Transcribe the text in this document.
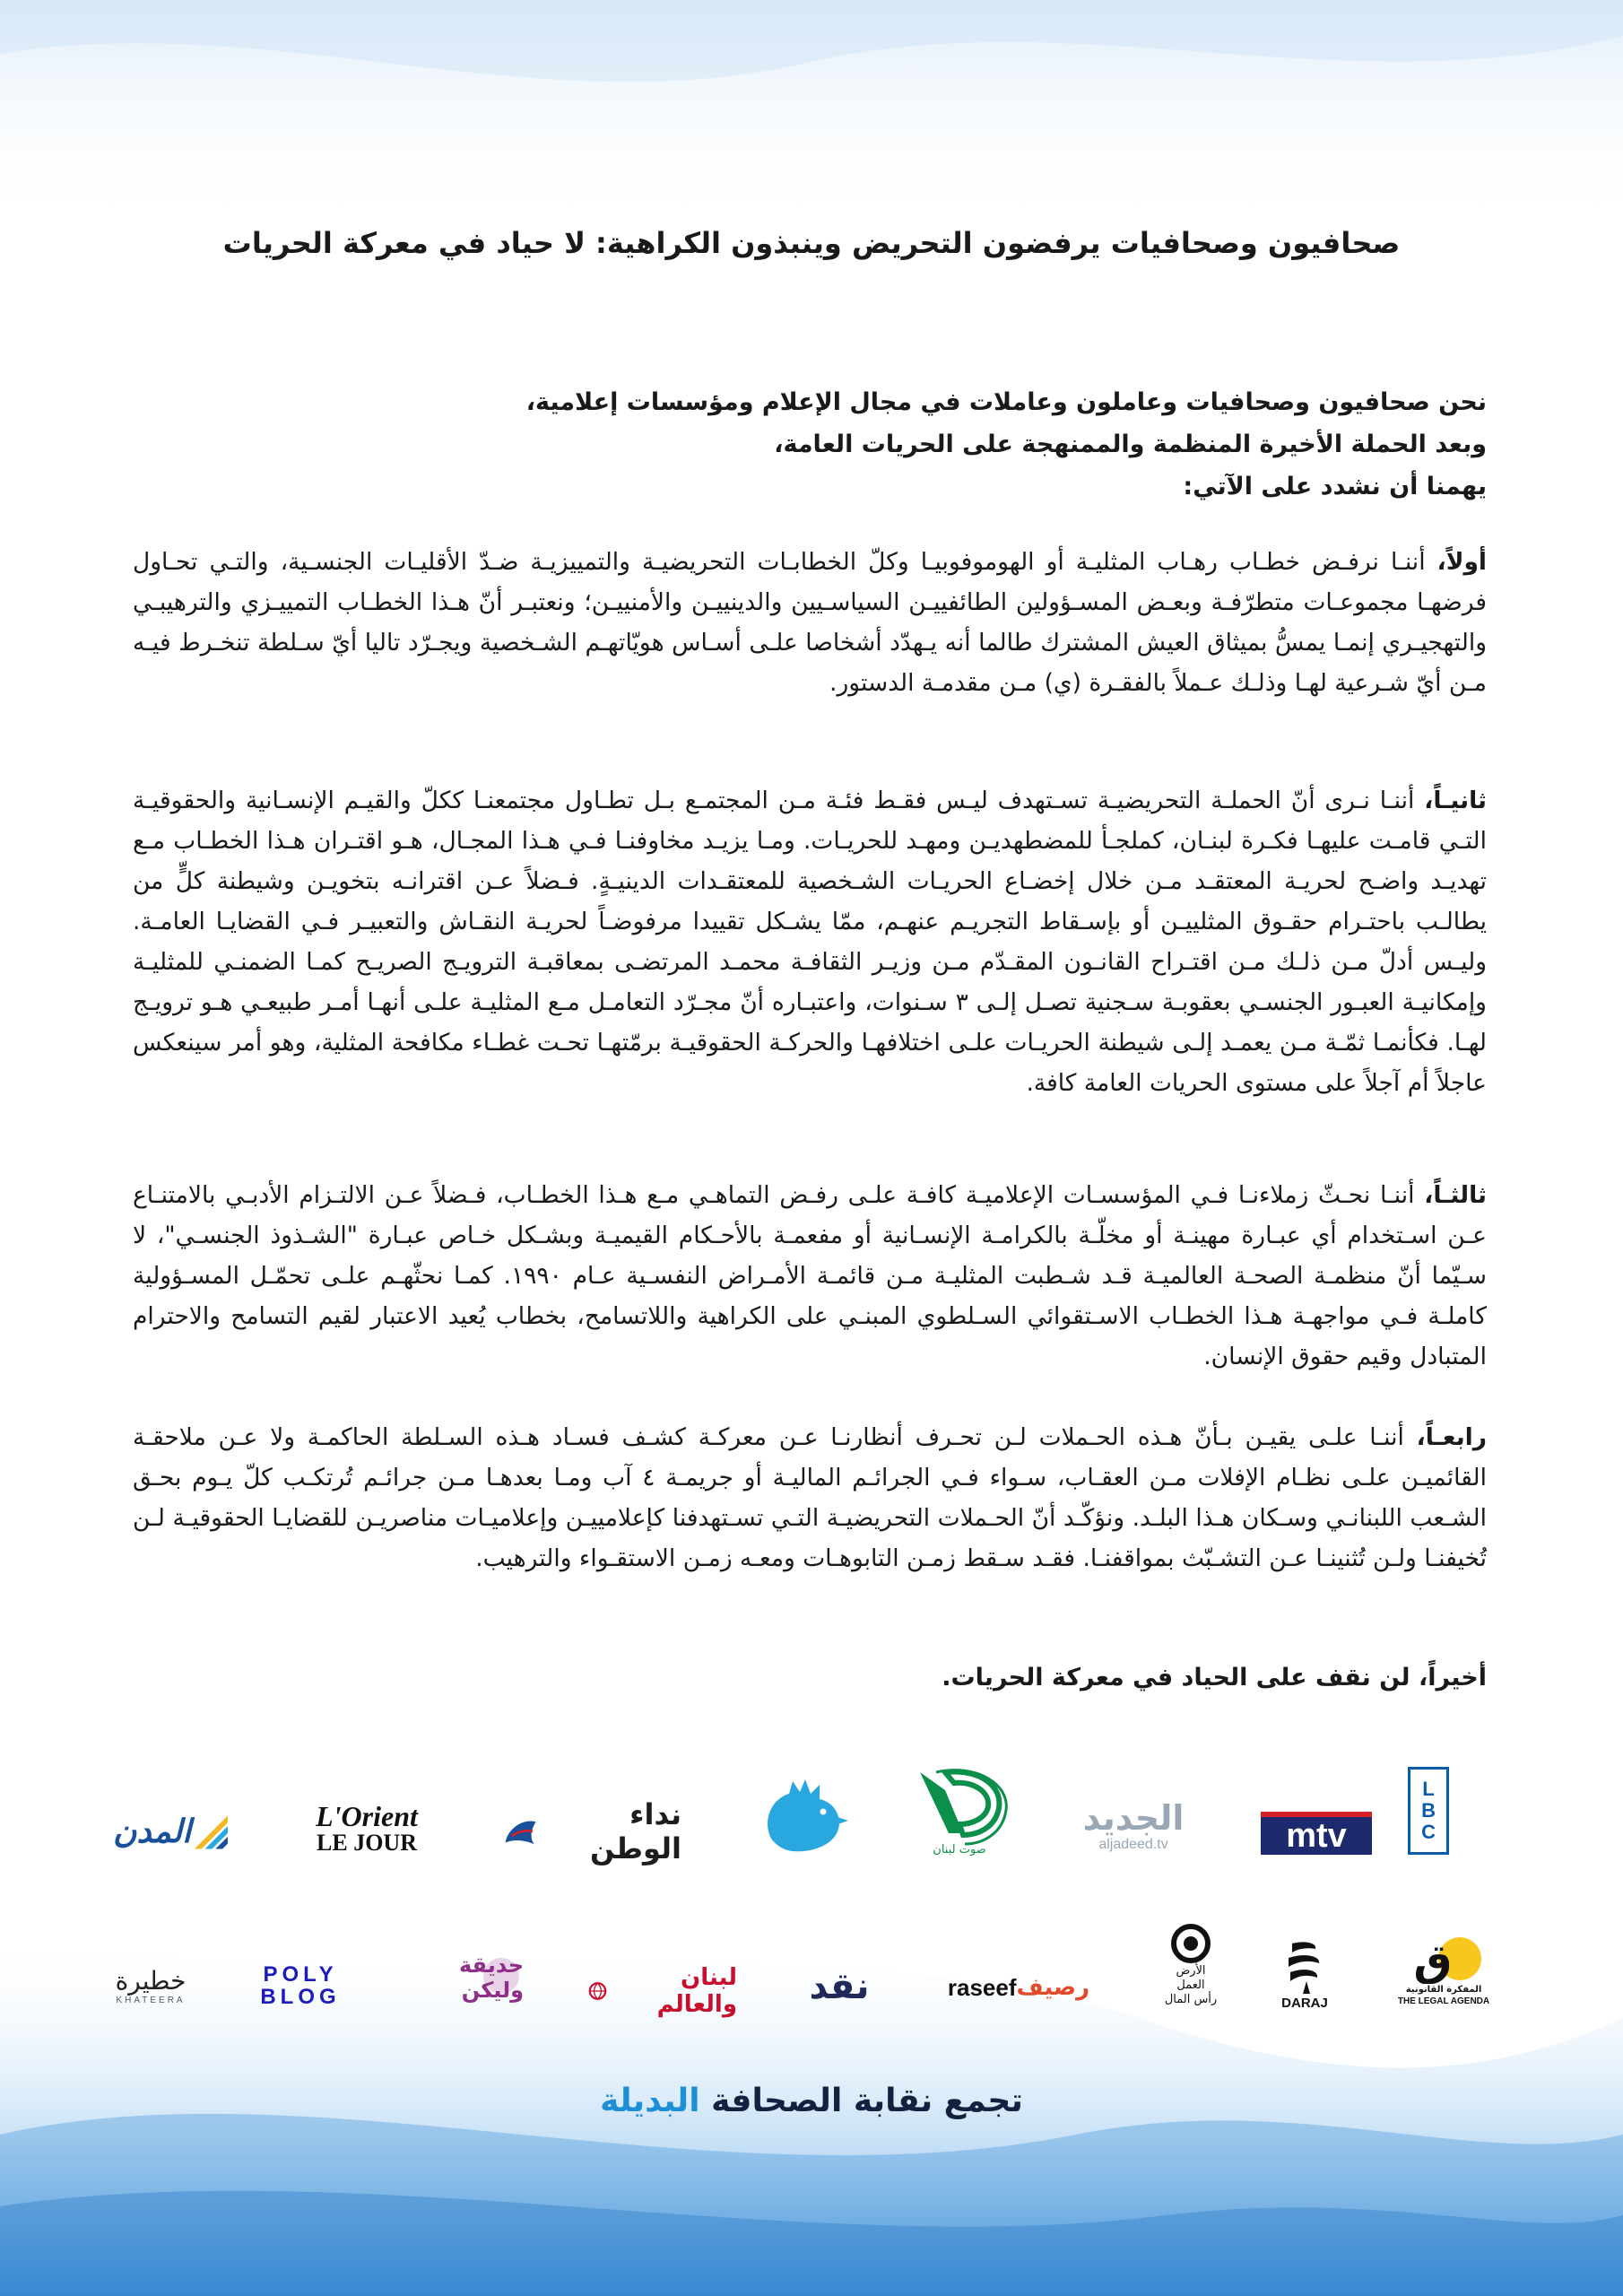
صحافيون وصحافيات يرفضون التحريض وينبذون الكراهية: لا حياد في معركة الحريات
نحن صحافيون وصحافيات وعاملون وعاملات في مجال الإعلام ومؤسسات إعلامية،
وبعد الحملة الأخيرة المنظمة والممنهجة على الحريات العامة،
يهمنا أن نشدد على الآتي:

أولاً، أننـا نرفـض خطـاب رهـاب المثليـة أو الهوموفوبيـا وكلّ الخطابـات التحريضيـة والتمييزيـة ضـدّ الأقليـات الجنسـية، والتـي تحـاول فرضهـا مجموعـات متطرّفـة وبعـض المسـؤولين الطائفييـن السياسـيين والدينييـن والأمنييـن؛ ونعتبـر أنّ هـذا الخطـاب التمييـزي والترهيبـي والتهجيـري إنمـا يمسُّ بميثاق العيش المشترك طالما أنه يـهدّد أشخاصا علـى أسـاس هويّاتهـم الشـخصية ويجـرّد تاليا أيّ سـلطة تنخـرط فيـه مـن أيّ شـرعية لهـا وذلـك عـملاً بالفقـرة (ي) مـن مقدمـة الدستور.

ثانيـاً، أننـا نـرى أنّ الحملـة التحريضيـة تسـتهدف ليـس فقـط فئـة مـن المجتمـع بـل تطـاول مجتمعنـا ككلّ والقيـم الإنسـانية والحقوقيـة التـي قامـت عليهـا فكـرة لبنـان، كملجـأ للمضطهديـن ومهـد للحريـات. ومـا يزيـد مخاوفنـا فـي هـذا المجـال، هـو اقتـران هـذا الخطـاب مـع تهديـد واضـح لحريـة المعتقـد مـن خلال إخضـاع الحريـات الشـخصية للمعتقـدات الدينيـةٍ. فـضلاً عـن اقترانـه بتخويـن وشيطنة كلٍّ من يطالـب باحتـرام حقـوق المثلييـن أو بإسـقاط التجريـم عنهـم، ممّا يشـكل تقييدا مرفوضـاً لحريـة النقـاش والتعبيـر فـي القضايـا العامـة. وليـس أدلّ مـن ذلـك مـن اقتـراح القانـون المقـدّم مـن وزيـر الثقافـة محمـد المرتضـى بمعاقبـة الترويـج الصريـح كمـا الضمنـي للمثليـة وإمكانيـة العبـور الجنسـي بعقوبـة سـجنية تصـل إلـى ٣ سـنوات، واعتبـاره أنّ مجـرّد التعامـل مـع المثليـة علـى أنهـا أمـر طبيعـي هـو ترويـج لهـا. فكأنمـا ثمّـة مـن يعمـد إلـى شيطنة الحريـات علـى اختلافهـا والحركـة الحقوقيـة برمّتهـا تحـت غطـاء مكافحة المثلية، وهو أمر سينعكس عاجلاً أم آجلاً على مستوى الحريات العامة كافة.

ثالثـاً، أننـا نحـثّ زملاءنـا فـي المؤسسـات الإعلاميـة كافـة علـى رفـض التماهـي مـع هـذا الخطـاب، فـضلاً عـن الالتـزام الأدبـي بالامتنـاع عـن اسـتخدام أي عبـارة مهينـة أو مخلّـة بالكرامـة الإنسـانية أو مفعمـة بالأحـكام القيميـة وبشـكل خـاص عبـارة "الشـذوذ الجنسـي"، لا سـيّما أنّ منظمـة الصحـة العالميـة قـد شـطبت المثليـة مـن قائمـة الأمـراض النفسـية عـام ١٩٩٠. كمـا نحثّهـم علـى تحمّـل المسـؤولية كاملـة فـي مواجهـة هـذا الخطـاب الاسـتقوائي السـلطوي المبنـي على الكراهية واللاتسامح، بخطاب يُعيد الاعتبار لقيم التسامح والاحترام المتبادل وقيم حقوق الإنسان.

رابعـاً، أننـا علـى يقيـن بـأنّ هـذه الحـملات لـن تحـرف أنظارنـا عـن معركـة كشـف فسـاد هـذه السـلطة الحاكمـة ولا عـن ملاحقـة القائميـن علـى نظـام الإفلات مـن العقـاب، سـواء فـي الجرائـم الماليـة أو جريمـة ٤ آب ومـا بعدهـا مـن جرائـم تُرتكـب كلّ يـوم بحـق الشـعب اللبنانـي وسـكان هـذا البلـد. ونؤكّـد أنّ الحـملات التحريضيـة التـي تسـتهدفنا كإعلامييـن وإعلاميـات مناصريـن للقضايـا الحقوقيـة لـن تُخيفنـا ولـن تُثنينـا عـن التشـبّث بمواقفنـا. فقـد سـقط زمـن التابوهـات ومعـه زمـن الاستقـواء والترهيب.

أخيراً، لن نقف على الحياد في معركة الحريات.

L
B
C
mtv
الجديد
aljadeed.tv
صوت لبنان
نداء الوطن
L'Orient
LE JOUR
المدن
ق
المفكرة القانونية
THE LEGAL AGENDA
DARAJ
الأرض
العمل
رأس المال
رصيف
raseef
نقد
لبنان والعالم
حديقة وليكن
POLY
BLOG
خطيرة
KHATEERA

تجمع نقابة الصحافة البديلة
